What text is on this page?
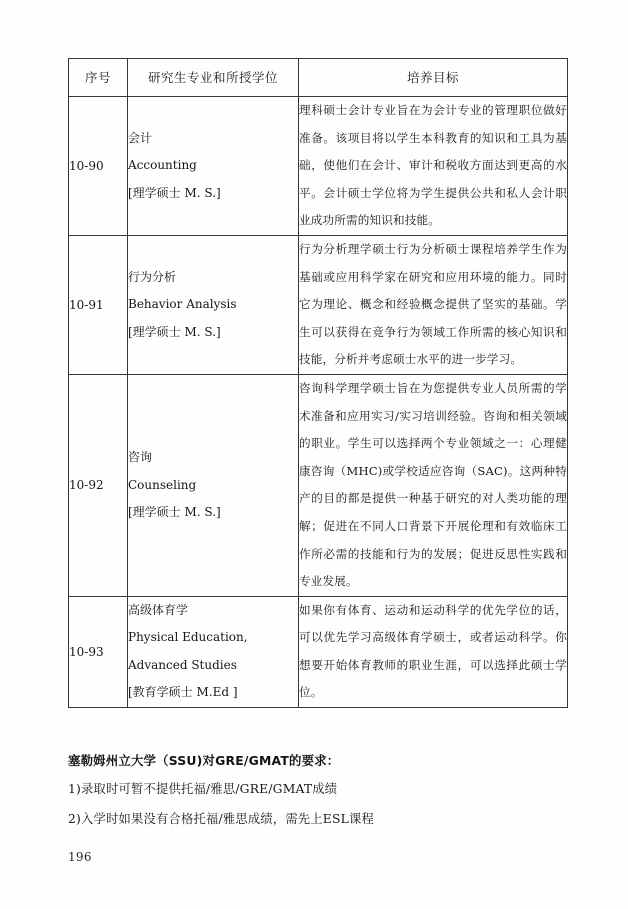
序号	研究生专业和所授学位	培养目标
10-90	会计
Accounting
[理学硕士 M. S.]	理科硕士会计专业旨在为会计专业的管理职位做好准备。该项目将以学生本科教育的知识和工具为基础，使他们在会计、审计和税收方面达到更高的水平。会计硕士学位将为学生提供公共和私人会计职业成功所需的知识和技能。

10-91	行为分析
Behavior Analysis
[理学硕士 M. S.]	行为分析理学硕士行为分析硕士课程培养学生作为基础或应用科学家在研究和应用环境的能力。同时它为理论、概念和经验概念提供了坚实的基础。学生可以获得在竞争行为领域工作所需的核心知识和技能，分析并考虑硕士水平的进一步学习。

10-92	咨询
Counseling
[理学硕士 M. S.]	咨询科学理学硕士旨在为您提供专业人员所需的学术准备和应用实习/实习培训经验。咨询和相关领域的职业。学生可以选择两个专业领域之一：心理健康咨询（MHC)或学校适应咨询（SAC)。这两种特产的目的都是提供一种基于研究的对人类功能的理解；促进在不同人口背景下开展伦理和有效临床工作所必需的技能和行为的发展；促进反思性实践和专业发展。

10-93	高级体育学
Physical Education,
Advanced Studies
[教育学硕士 M.Ed ]	如果你有体育、运动和运动科学的优先学位的话，可以优先学习高级体育学硕士，或者运动科学。你想要开始体育教师的职业生涯，可以选择此硕士学位。

塞勒姆州立大学（SSU)对GRE/GMAT的要求：
1)录取时可暂不提供托福/雅思/GRE/GMAT成绩
2)入学时如果没有合格托福/雅思成绩，需先上ESL课程
196
